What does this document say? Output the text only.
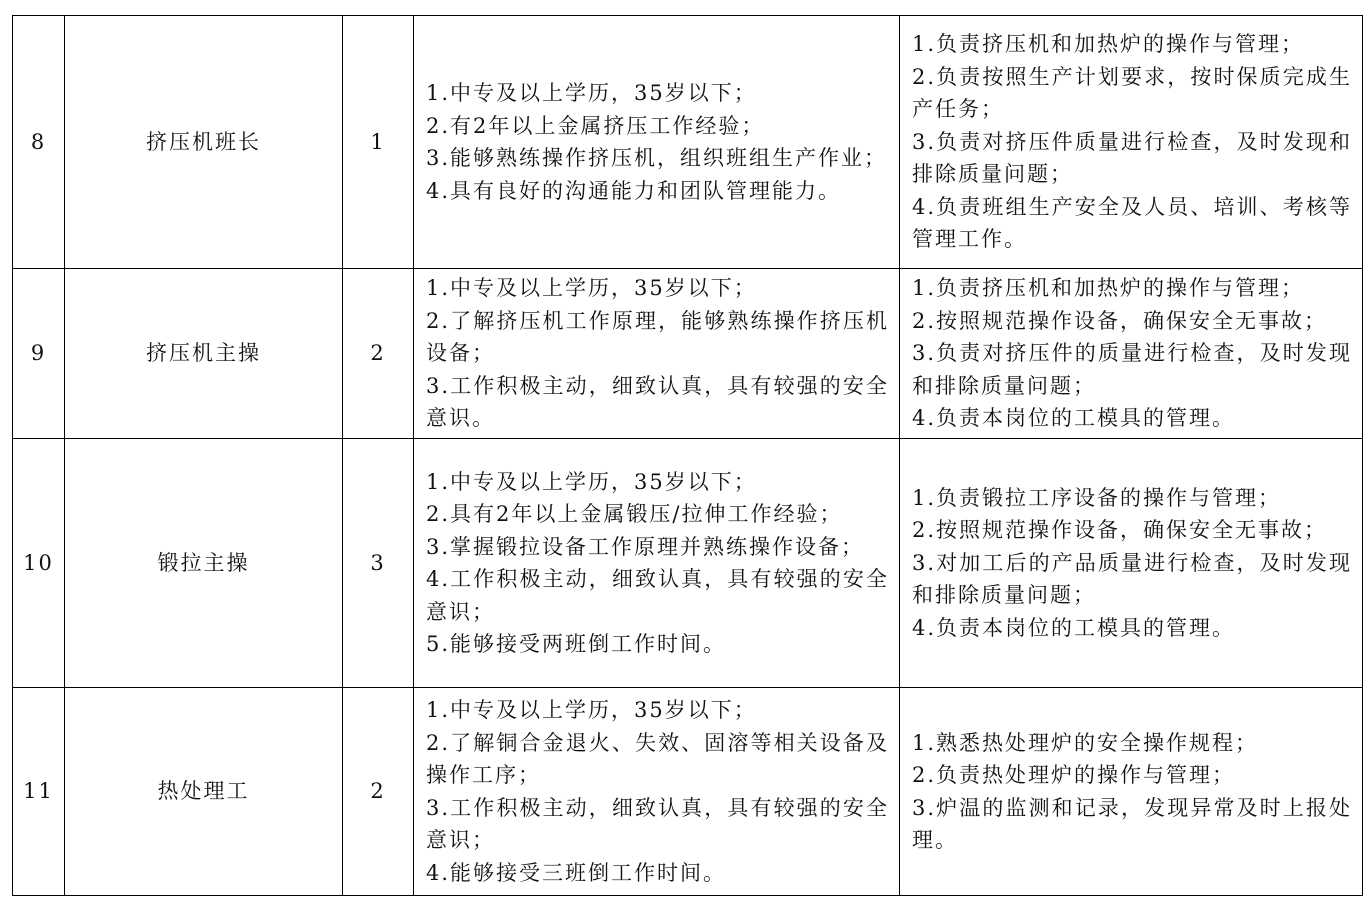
8	挤压机班长	1	1.中专及以上学历，35岁以下；
2.有2年以上金属挤压工作经验；
3.能够熟练操作挤压机，组织班组生产作业；
4.具有良好的沟通能力和团队管理能力。	1.负责挤压机和加热炉的操作与管理；
2.负责按照生产计划要求，按时保质完成生产任务；
3.负责对挤压件质量进行检查，及时发现和排除质量问题；
4.负责班组生产安全及人员、培训、考核等管理工作。

9	挤压机主操	2	1.中专及以上学历，35岁以下；
2.了解挤压机工作原理，能够熟练操作挤压机设备；
3.工作积极主动，细致认真，具有较强的安全意识。	1.负责挤压机和加热炉的操作与管理；
2.按照规范操作设备，确保安全无事故；
3.负责对挤压件的质量进行检查，及时发现和排除质量问题；
4.负责本岗位的工模具的管理。

10	锻拉主操	3	1.中专及以上学历，35岁以下；
2.具有2年以上金属锻压/拉伸工作经验；
3.掌握锻拉设备工作原理并熟练操作设备；
4.工作积极主动，细致认真，具有较强的安全意识；
5.能够接受两班倒工作时间。	1.负责锻拉工序设备的操作与管理；
2.按照规范操作设备，确保安全无事故；
3.对加工后的产品质量进行检查，及时发现和排除质量问题；
4.负责本岗位的工模具的管理。

11	热处理工	2	1.中专及以上学历，35岁以下；
2.了解铜合金退火、失效、固溶等相关设备及操作工序；
3.工作积极主动，细致认真，具有较强的安全意识；
4.能够接受三班倒工作时间。	1.熟悉热处理炉的安全操作规程；
2.负责热处理炉的操作与管理；
3.炉温的监测和记录，发现异常及时上报处理。
